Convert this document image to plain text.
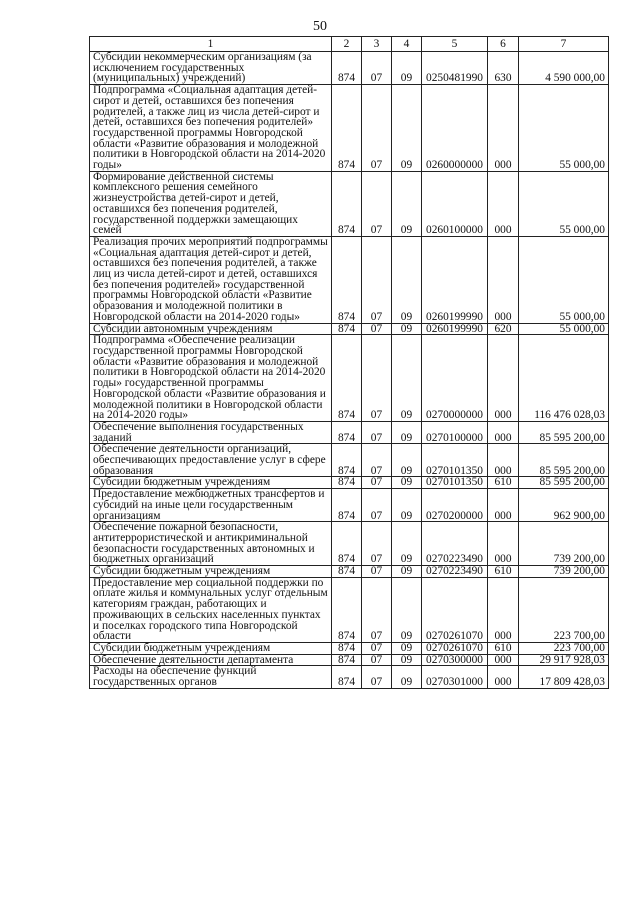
50
1	2	3	4	5	6	7
Субсидии некоммерческим организациям (за исключением государственных (муниципальных) учреждений)	874	07	09	0250481990	630	4 590 000,00
Подпрограмма «Социальная адаптация детей-сирот и детей, оставшихся без попечения родителей, а также лиц из числа детей-сирот и детей, оставшихся без попечения родителей» государственной программы Новгородской области «Развитие образования и молодежной политики в Новгородской области на 2014-2020 годы»	874	07	09	0260000000	000	55 000,00
Формирование действенной системы комплексного решения семейного жизнеустройства детей-сирот и детей, оставшихся без попечения родителей, государственной поддержки замещающих семей	874	07	09	0260100000	000	55 000,00
Реализация прочих мероприятий подпрограммы «Социальная адаптация детей-сирот и детей, оставшихся без попечения родителей, а также лиц из числа детей-сирот и детей, оставшихся без попечения родителей» государственной программы Новгородской области «Развитие образования и молодежной политики в Новгородской области на 2014-2020 годы»	874	07	09	0260199990	000	55 000,00
Субсидии автономным учреждениям	874	07	09	0260199990	620	55 000,00
Подпрограмма «Обеспечение реализации государственной программы Новгородской области «Развитие образования и молодежной политики в Новгородской области на 2014-2020 годы» государственной программы Новгородской области «Развитие образования и молодежной политики в Новгородской области на 2014-2020 годы»	874	07	09	0270000000	000	116 476 028,03
Обеспечение выполнения государственных заданий	874	07	09	0270100000	000	85 595 200,00
Обеспечение деятельности организаций, обеспечивающих предоставление услуг в сфере образования	874	07	09	0270101350	000	85 595 200,00
Субсидии бюджетным учреждениям	874	07	09	0270101350	610	85 595 200,00
Предоставление межбюджетных трансфертов и субсидий на иные цели государственным организациям	874	07	09	0270200000	000	962 900,00
Обеспечение пожарной безопасности, антитеррористической и антикриминальной безопасности государственных автономных и бюджетных организаций	874	07	09	0270223490	000	739 200,00
Субсидии бюджетным учреждениям	874	07	09	0270223490	610	739 200,00
Предоставление мер социальной поддержки по оплате жилья и коммунальных услуг отдельным категориям граждан, работающих и проживающих в сельских населенных пунктах и поселках городского типа Новгородской области	874	07	09	0270261070	000	223 700,00
Субсидии бюджетным учреждениям	874	07	09	0270261070	610	223 700,00
Обеспечение деятельности департамента	874	07	09	0270300000	000	29 917 928,03
Расходы на обеспечение функций государственных органов	874	07	09	0270301000	000	17 809 428,03
